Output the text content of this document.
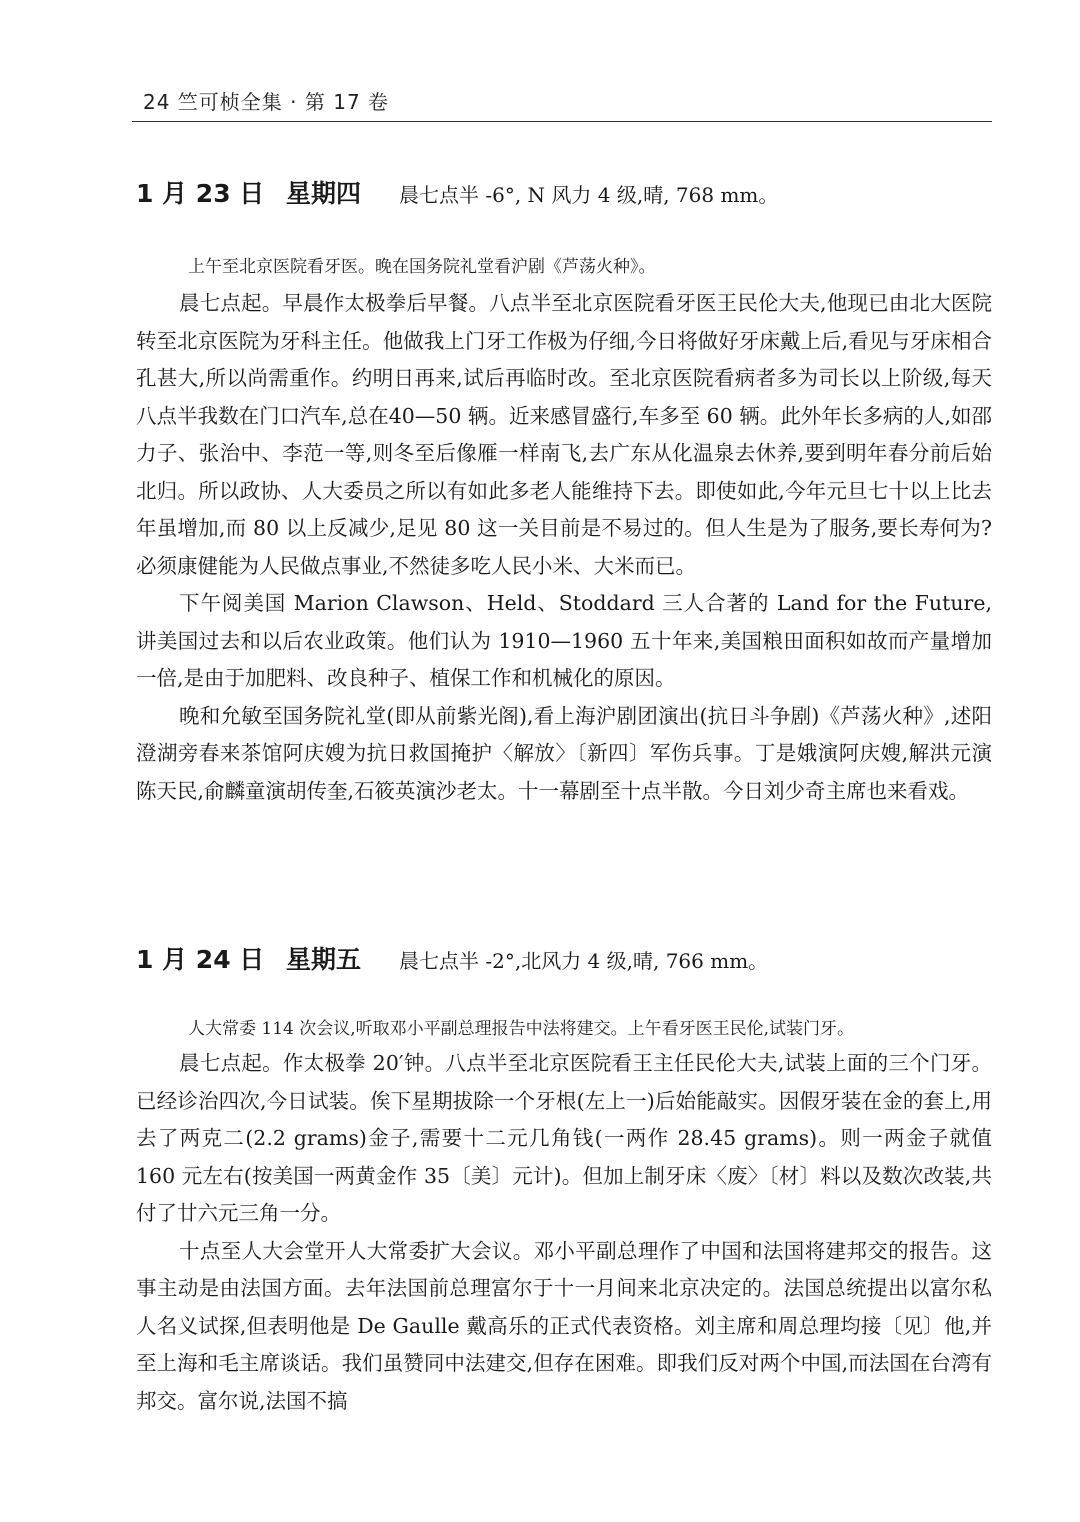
24 竺可桢全集 · 第 17 卷
1 月 23 日 星期四 晨七点半 -6°, N 风力 4 级,晴, 768 mm。
上午至北京医院看牙医。晚在国务院礼堂看沪剧《芦荡火种》。

晨七点起。早晨作太极拳后早餐。八点半至北京医院看牙医王民伦大夫,他现已由北大医院转至北京医院为牙科主任。他做我上门牙工作极为仔细,今日将做好牙床戴上后,看见与牙床相合孔甚大,所以尚需重作。约明日再来,试后再临时改。至北京医院看病者多为司长以上阶级,每天八点半我数在门口汽车,总在40—50 辆。近来感冒盛行,车多至 60 辆。此外年长多病的人,如邵力子、张治中、李范一等,则冬至后像雁一样南飞,去广东从化温泉去休养,要到明年春分前后始北归。所以政协、人大委员之所以有如此多老人能维持下去。即使如此,今年元旦七十以上比去年虽增加,而 80 以上反减少,足见 80 这一关目前是不易过的。但人生是为了服务,要长寿何为? 必须康健能为人民做点事业,不然徒多吃人民小米、大米而已。

下午阅美国 Marion Clawson、Held、Stoddard 三人合著的 Land for the Future,讲美国过去和以后农业政策。他们认为 1910—1960 五十年来,美国粮田面积如故而产量增加一倍,是由于加肥料、改良种子、植保工作和机械化的原因。

晚和允敏至国务院礼堂(即从前紫光阁),看上海沪剧团演出(抗日斗争剧)《芦荡火种》,述阳澄湖旁春来茶馆阿庆嫂为抗日救国掩护〈解放〉〔新四〕军伤兵事。丁是娥演阿庆嫂,解洪元演陈天民,俞麟童演胡传奎,石筱英演沙老太。十一幕剧至十点半散。今日刘少奇主席也来看戏。

1 月 24 日 星期五 晨七点半 -2°,北风力 4 级,晴, 766 mm。
人大常委 114 次会议,听取邓小平副总理报告中法将建交。上午看牙医王民伦,试装门牙。

晨七点起。作太极拳 20′钟。八点半至北京医院看王主任民伦大夫,试装上面的三个门牙。已经诊治四次,今日试装。俟下星期拔除一个牙根(左上一)后始能敲实。因假牙装在金的套上,用去了两克二(2.2 grams)金子,需要十二元几角钱(一两作 28.45 grams)。则一两金子就值 160 元左右(按美国一两黄金作 35〔美〕元计)。但加上制牙床〈废〉〔材〕料以及数次改装,共付了廿六元三角一分。

十点至人大会堂开人大常委扩大会议。邓小平副总理作了中国和法国将建邦交的报告。这事主动是由法国方面。去年法国前总理富尔于十一月间来北京决定的。法国总统提出以富尔私人名义试探,但表明他是 De Gaulle 戴高乐的正式代表资格。刘主席和周总理均接〔见〕他,并至上海和毛主席谈话。我们虽赞同中法建交,但存在困难。即我们反对两个中国,而法国在台湾有邦交。富尔说,法国不搞
